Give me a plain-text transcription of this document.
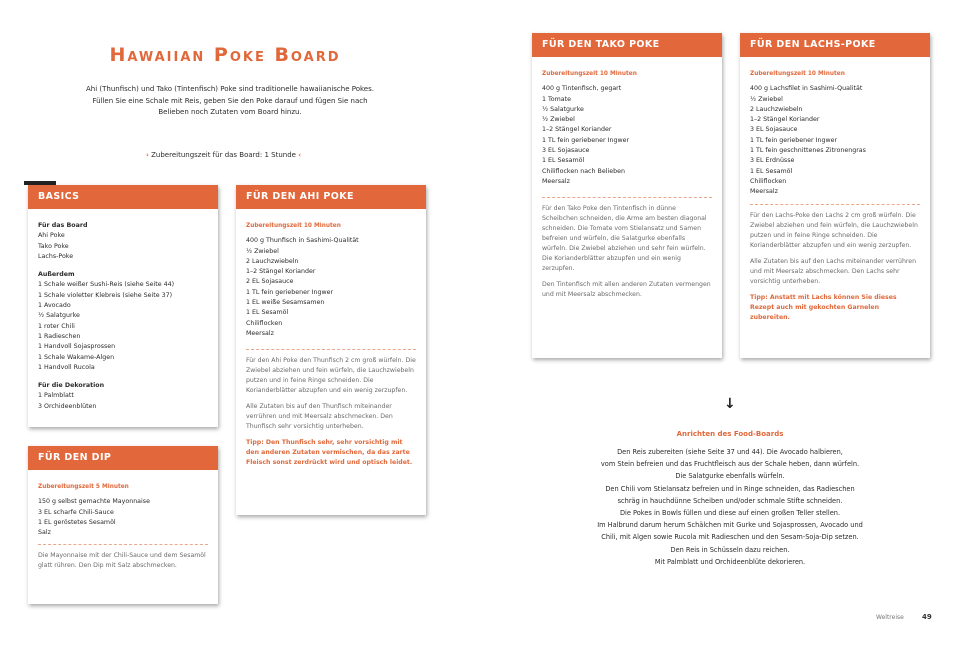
Hawaiian Poke Board
Ahi (Thunfisch) und Tako (Tintenfisch) Poke sind traditionelle hawaiianische Pokes. Füllen Sie eine Schale mit Reis, geben Sie den Poke darauf und fügen Sie nach Belieben noch Zutaten vom Board hinzu.
› Zubereitungszeit für das Board: 1 Stunde ‹
BASICS
Für das Board
Ahi Poke
Tako Poke
Lachs-Poke
Außerdem
1 Schale weißer Sushi-Reis (siehe Seite 44)
1 Schale violetter Klebreis (siehe Seite 37)
1 Avocado
½ Salatgurke
1 roter Chili
1 Radieschen
1 Handvoll Sojasprossen
1 Schale Wakame-Algen
1 Handvoll Rucola
Für die Dekoration
1 Palmblatt
3 Orchideenblüten
FÜR DEN DIP
Zubereitungszeit 5 Minuten
150 g selbst gemachte Mayonnaise
3 EL scharfe Chili-Sauce
1 EL geröstetes Sesamöl
Salz
Die Mayonnaise mit der Chili-Sauce und dem Sesamöl glatt rühren. Den Dip mit Salz abschmecken.
FÜR DEN AHI POKE
Zubereitungszeit 10 Minuten
400 g Thunfisch in Sashimi-Qualität
½ Zwiebel
2 Lauchzwiebeln
1–2 Stängel Koriander
2 EL Sojasauce
1 TL fein geriebener Ingwer
1 EL weiße Sesamsamen
1 EL Sesamöl
Chiliflocken
Meersalz

Für den Ahi Poke den Thunfisch 2 cm groß würfeln. Die Zwiebel abziehen und fein würfeln, die Lauchzwiebeln putzen und in feine Ringe schneiden. Die Korianderblätter abzupfen und ein wenig zerzupfen.

Alle Zutaten bis auf den Thunfisch miteinander verrühren und mit Meersalz abschmecken. Den Thunfisch sehr vorsichtig unterheben.

Tipp: Den Thunfisch sehr, sehr vorsichtig mit den anderen Zutaten vermischen, da das zarte Fleisch sonst zerdrückt wird und optisch leidet.
FÜR DEN TAKO POKE
Zubereitungszeit 10 Minuten
400 g Tintenfisch, gegart
1 Tomate
½ Salatgurke
½ Zwiebel
1–2 Stängel Koriander
1 TL fein geriebener Ingwer
3 EL Sojasauce
1 EL Sesamöl
Chiliflocken nach Belieben
Meersalz

Für den Tako Poke den Tintenfisch in dünne Scheibchen schneiden, die Arme am besten diagonal schneiden. Die Tomate vom Stielansatz und Samen befreien und würfeln, die Salatgurke ebenfalls würfeln. Die Zwiebel abziehen und sehr fein würfeln. Die Korianderblätter abzupfen und ein wenig zerzupfen.

Den Tintenfisch mit allen anderen Zutaten vermengen und mit Meersalz abschmecken.

FÜR DEN LACHS-POKE
Zubereitungszeit 10 Minuten
400 g Lachsfilet in Sashimi-Qualität
½ Zwiebel
2 Lauchzwiebeln
1–2 Stängel Koriander
3 EL Sojasauce
1 TL fein geriebener Ingwer
1 TL fein geschnittenes Zitronengras
3 EL Erdnüsse
1 EL Sesamöl
Chiliflocken
Meersalz

Für den Lachs-Poke den Lachs 2 cm groß würfeln. Die Zwiebel abziehen und fein würfeln, die Lauchzwiebeln putzen und in feine Ringe schneiden. Die Korianderblätter abzupfen und ein wenig zerzupfen.

Alle Zutaten bis auf den Lachs miteinander verrühren und mit Meersalz abschmecken. Den Lachs sehr vorsichtig unterheben.

Tipp: Anstatt mit Lachs können Sie dieses Rezept auch mit gekochten Garnelen zubereiten.
↓
Anrichten des Food-Boards
Den Reis zubereiten (siehe Seite 37 und 44). Die Avocado halbieren,
vom Stein befreien und das Fruchtfleisch aus der Schale heben, dann würfeln.
Die Salatgurke ebenfalls würfeln.
Den Chili vom Stielansatz befreien und in Ringe schneiden, das Radieschen
schräg in hauchdünne Scheiben und/oder schmale Stifte schneiden.
Die Pokes in Bowls füllen und diese auf einen großen Teller stellen.
Im Halbrund darum herum Schälchen mit Gurke und Sojasprossen, Avocado und
Chili, mit Algen sowie Rucola mit Radieschen und den Sesam-Soja-Dip setzen.
Den Reis in Schüsseln dazu reichen.
Mit Palmblatt und Orchideenblüte dekorieren.
Weltreise	49
